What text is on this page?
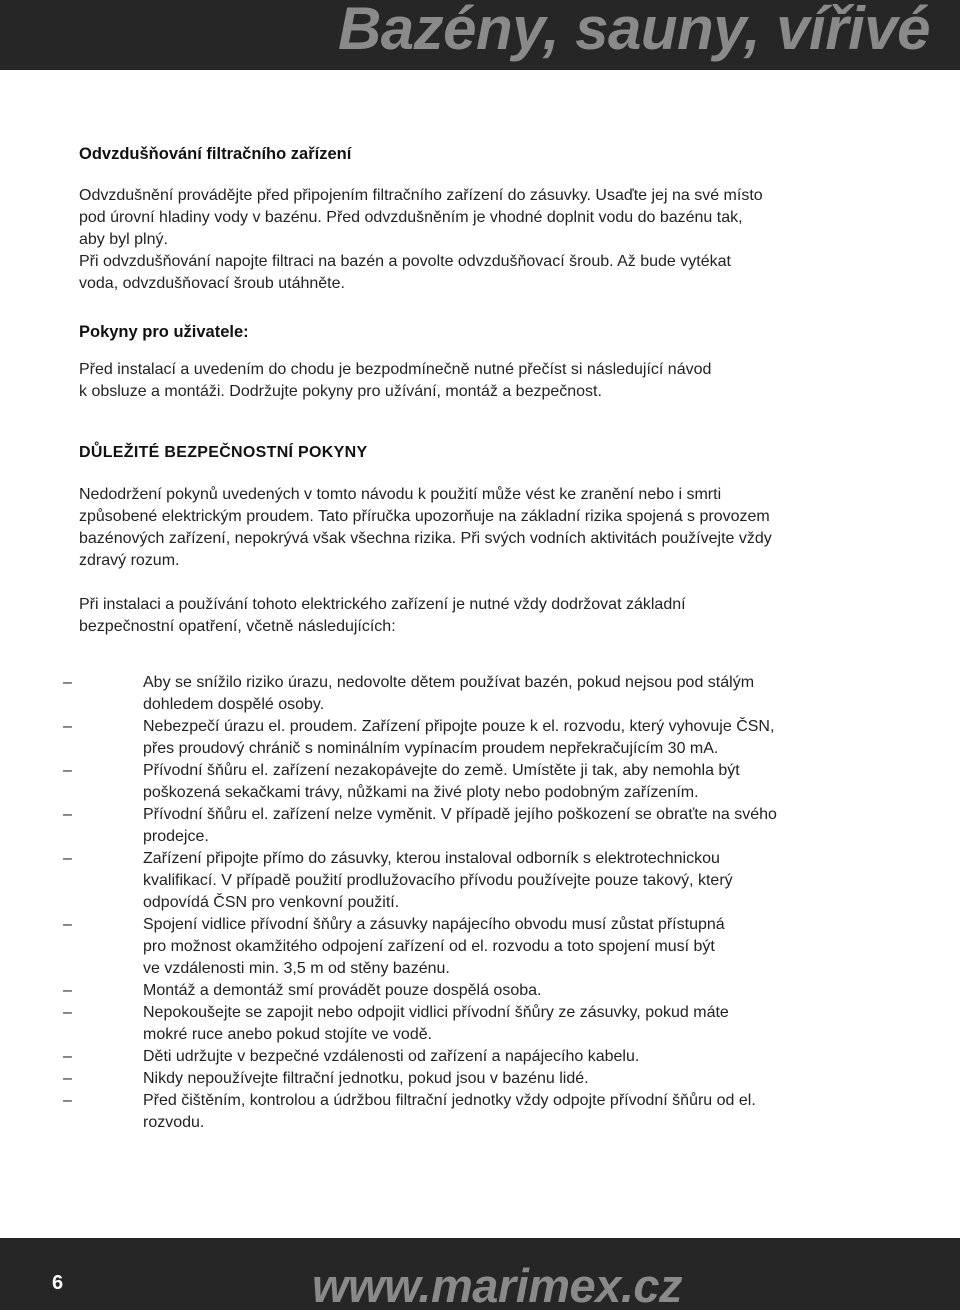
Bazény, sauny, vířivé

Odvzdušňování filtračního zařízení

Odvzdušnění provádějte před připojením filtračního zařízení do zásuvky. Usaďte jej na své místo
pod úrovní hladiny vody v bazénu. Před odvzdušněním je vhodné doplnit vodu do bazénu tak,
aby byl plný.
Při odvzdušňování napojte filtraci na bazén a povolte odvzdušňovací šroub. Až bude vytékat
voda, odvzdušňovací šroub utáhněte.

Pokyny pro uživatele:

Před instalací a uvedením do chodu je bezpodmínečně nutné přečíst si následující návod
k obsluze a montáži. Dodržujte pokyny pro užívání, montáž a bezpečnost.

DŮLEŽITÉ BEZPEČNOSTNÍ POKYNY

Nedodržení pokynů uvedených v tomto návodu k použití může vést ke zranění nebo i smrti
způsobené elektrickým proudem. Tato příručka upozorňuje na základní rizika spojená s provozem
bazénových zařízení, nepokrývá však všechna rizika. Při svých vodních aktivitách používejte vždy
zdravý rozum.

Při instalaci a používání tohoto elektrického zařízení je nutné vždy dodržovat základní
bezpečnostní opatření, včetně následujících:

–	Aby se snížilo riziko úrazu, nedovolte dětem používat bazén, pokud nejsou pod stálým
dohledem dospělé osoby.
–	Nebezpečí úrazu el. proudem. Zařízení připojte pouze k el. rozvodu, který vyhovuje ČSN,
přes proudový chránič s nominálním vypínacím proudem nepřekračujícím 30 mA.
–	Přívodní šňůru el. zařízení nezakopávejte do země. Umístěte ji tak, aby nemohla být
poškozená sekačkami trávy, nůžkami na živé ploty nebo podobným zařízením.
–	Přívodní šňůru el. zařízení nelze vyměnit. V případě jejího poškození se obraťte na svého
prodejce.
–	Zařízení připojte přímo do zásuvky, kterou instaloval odborník s elektrotechnickou
kvalifikací. V případě použití prodlužovacího přívodu používejte pouze takový, který
odpovídá ČSN pro venkovní použití.
–	Spojení vidlice přívodní šňůry a zásuvky napájecího obvodu musí zůstat přístupná
pro možnost okamžitého odpojení zařízení od el. rozvodu a toto spojení musí být
ve vzdálenosti min. 3,5 m od stěny bazénu.
–	Montáž a demontáž smí provádět pouze dospělá osoba.
–	Nepokoušejte se zapojit nebo odpojit vidlici přívodní šňůry ze zásuvky, pokud máte
mokré ruce anebo pokud stojíte ve vodě.
–	Děti udržujte v bezpečné vzdálenosti od zařízení a napájecího kabelu.
–	Nikdy nepoužívejte filtrační jednotku, pokud jsou v bazénu lidé.
–	Před čištěním, kontrolou a údržbou filtrační jednotky vždy odpojte přívodní šňůru od el.
rozvodu.
6	www.marimex.cz
